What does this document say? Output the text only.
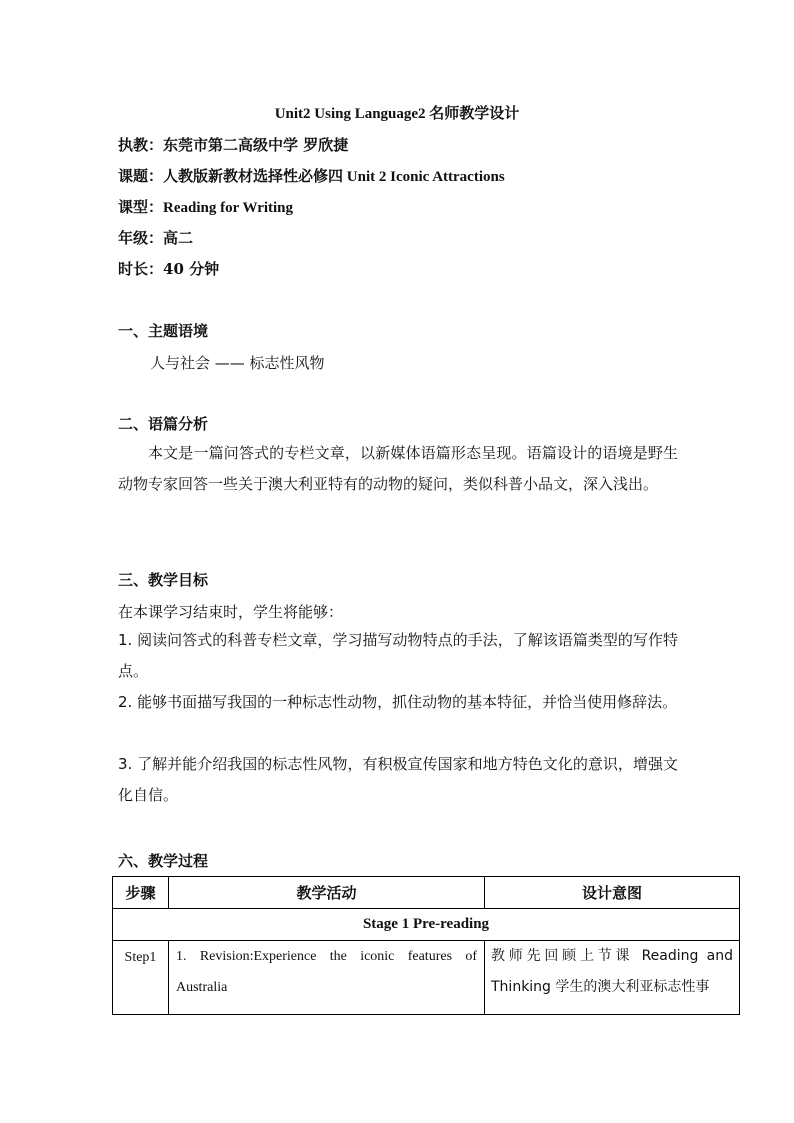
Unit2 Using Language2 名师教学设计
执教：东莞市第二高级中学 罗欣捷
课题：人教版新教材选择性必修四 Unit 2 Iconic Attractions
课型：Reading for Writing
年级：高二
时长：40 分钟
一、主题语境
人与社会 —— 标志性风物
二、语篇分析
本文是一篇问答式的专栏文章，以新媒体语篇形态呈现。语篇设计的语境是野生动物专家回答一些关于澳大利亚特有的动物的疑问，类似科普小品文，深入浅出。
三、教学目标
在本课学习结束时，学生将能够：
1. 阅读问答式的科普专栏文章，学习描写动物特点的手法，了解该语篇类型的写作特点。
2. 能够书面描写我国的一种标志性动物，抓住动物的基本特征，并恰当使用修辞法。
3. 了解并能介绍我国的标志性风物，有积极宣传国家和地方特色文化的意识，增强文化自信。
六、教学过程
步骤	教学活动	设计意图
Stage 1 Pre-reading		
Step1	1. Revision:Experience the iconic features of Australia	教师先回顾上节课 Reading and Thinking 学生的澳大利亚标志性事
